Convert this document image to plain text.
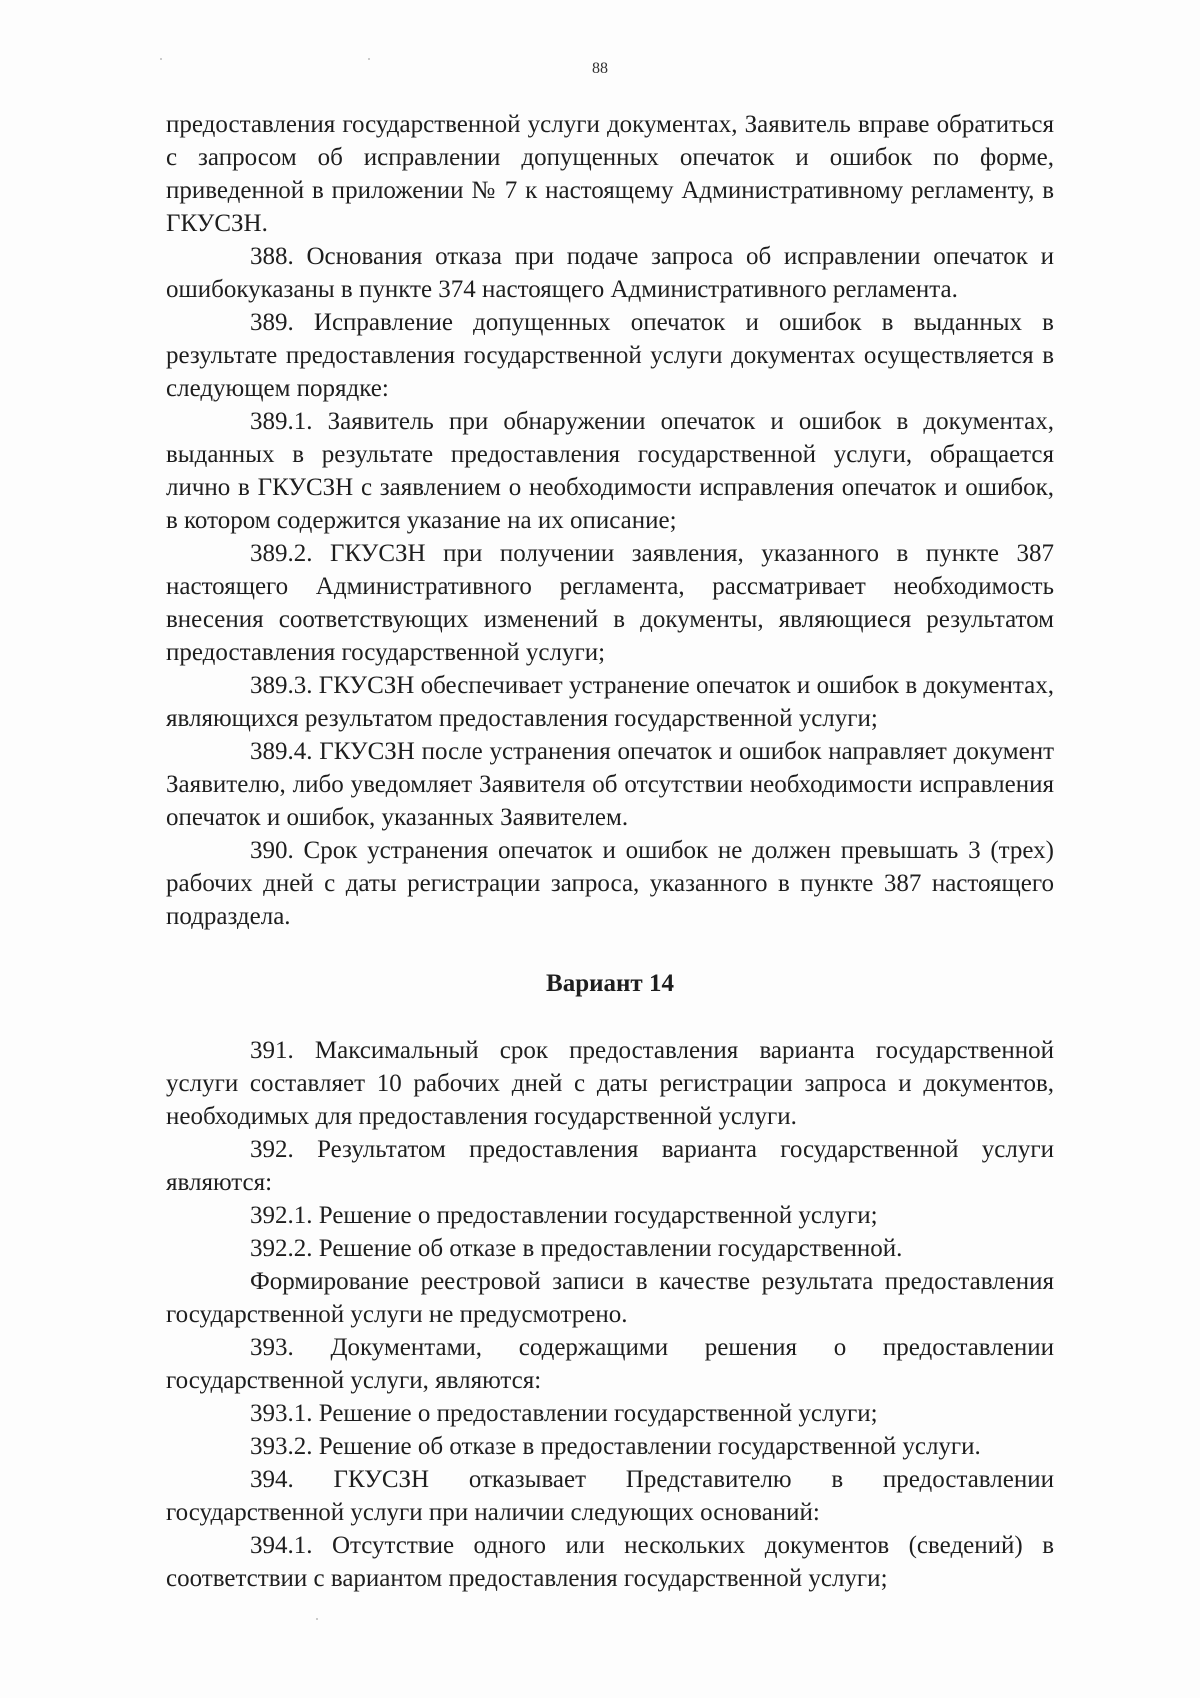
88

предоставления государственной услуги документах, Заявитель вправе обратиться с запросом об исправлении допущенных опечаток и ошибок по форме, приведенной в приложении № 7 к настоящему Административному регламенту, в ГКУСЗН.

388. Основания отказа при подаче запроса об исправлении опечаток и ошибокуказаны в пункте 374 настоящего Административного регламента.

389. Исправление допущенных опечаток и ошибок в выданных в результате предоставления государственной услуги документах осуществляется в следующем порядке:

389.1. Заявитель при обнаружении опечаток и ошибок в документах, выданных в результате предоставления государственной услуги, обращается лично в ГКУСЗН с заявлением о необходимости исправления опечаток и ошибок, в котором содержится указание на их описание;

389.2. ГКУСЗН при получении заявления, указанного в пункте 387 настоящего Административного регламента, рассматривает необходимость внесения соответствующих изменений в документы, являющиеся результатом предоставления государственной услуги;

389.3. ГКУСЗН обеспечивает устранение опечаток и ошибок в документах, являющихся результатом предоставления государственной услуги;

389.4. ГКУСЗН после устранения опечаток и ошибок направляет документ Заявителю, либо уведомляет Заявителя об отсутствии необходимости исправления опечаток и ошибок, указанных Заявителем.

390. Срок устранения опечаток и ошибок не должен превышать 3 (трех) рабочих дней с даты регистрации запроса, указанного в пункте 387 настоящего подраздела.

Вариант 14

391. Максимальный срок предоставления варианта государственной услуги составляет 10 рабочих дней с даты регистрации запроса и документов, необходимых для предоставления государственной услуги.

392. Результатом предоставления варианта государственной услуги являются:

392.1. Решение о предоставлении государственной услуги;

392.2. Решение об отказе в предоставлении государственной.

Формирование реестровой записи в качестве результата предоставления государственной услуги не предусмотрено.

393. Документами, содержащими решения о предоставлении государственной услуги, являются:

393.1. Решение о предоставлении государственной услуги;

393.2. Решение об отказе в предоставлении государственной услуги.

394. ГКУСЗН отказывает Представителю в предоставлении государственной услуги при наличии следующих оснований:

394.1. Отсутствие одного или нескольких документов (сведений) в соответствии с вариантом предоставления государственной услуги;
